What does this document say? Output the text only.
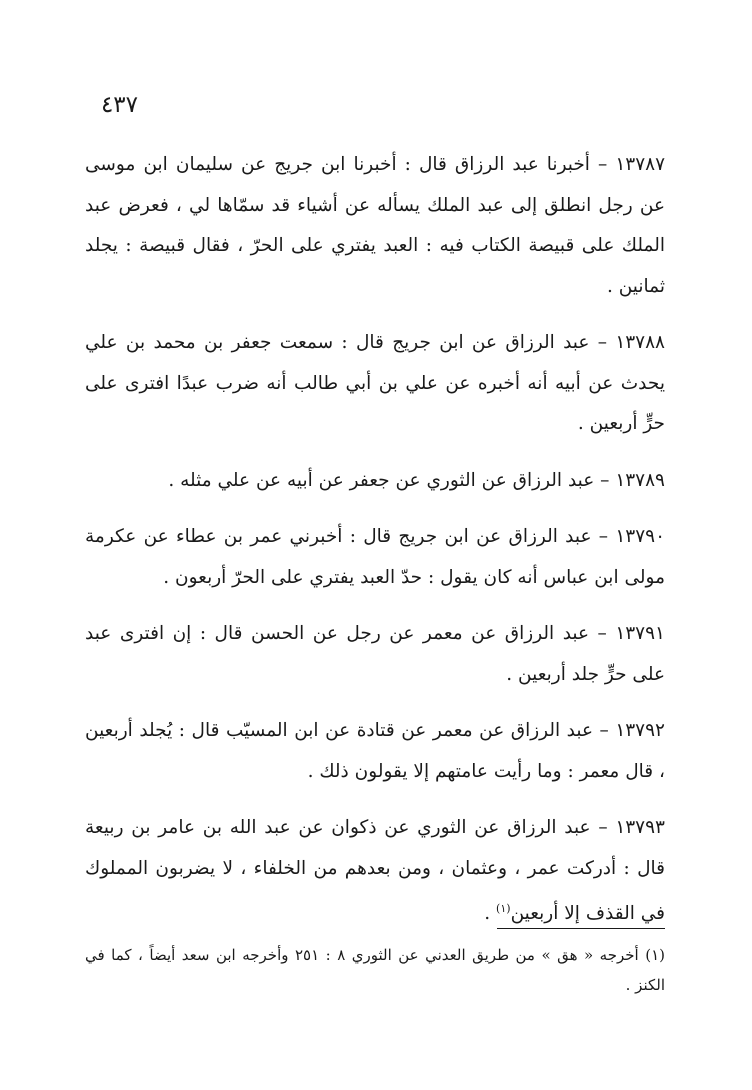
٤٣٧

١٣٧٨٧ – أخبرنا عبد الرزاق قال : أخبرنا ابن جريج عن سليمان ابن موسى عن رجل انطلق إلى عبد الملك يسأله عن أشياء قد سمّاها لي ، فعرض عبد الملك على قبيصة الكتاب فيه : العبد يفتري على الحرّ ، فقال قبيصة : يجلد ثمانين .

١٣٧٨٨ – عبد الرزاق عن ابن جريج قال : سمعت جعفر بن محمد بن علي يحدث عن أبيه أنه أخبره عن علي بن أبي طالب أنه ضرب عبدًا افترى على حرٍّ أربعين .

١٣٧٨٩ – عبد الرزاق عن الثوري عن جعفر عن أبيه عن علي مثله .

١٣٧٩٠ – عبد الرزاق عن ابن جريج قال : أخبرني عمر بن عطاء عن عكرمة مولى ابن عباس أنه كان يقول : حدّ العبد يفتري على الحرّ أربعون .

١٣٧٩١ – عبد الرزاق عن معمر عن رجل عن الحسن قال : إن افترى عبد على حرٍّ جلد أربعين .

١٣٧٩٢ – عبد الرزاق عن معمر عن قتادة عن ابن المسيّب قال : يُجلد أربعين ، قال معمر : وما رأيت عامتهم إلا يقولون ذلك .

١٣٧٩٣ – عبد الرزاق عن الثوري عن ذكوان عن عبد الله بن عامر بن ربيعة قال : أدركت عمر ، وعثمان ، ومن بعدهم من الخلفاء ، لا يضربون المملوك في القذف إلا أربعين$^{(١)}$ .

(١) أخرجه « هق » من طريق العدني عن الثوري ٨ : ٢٥١ وأخرجه ابن سعد أيضاً ، كما في الكنز .
